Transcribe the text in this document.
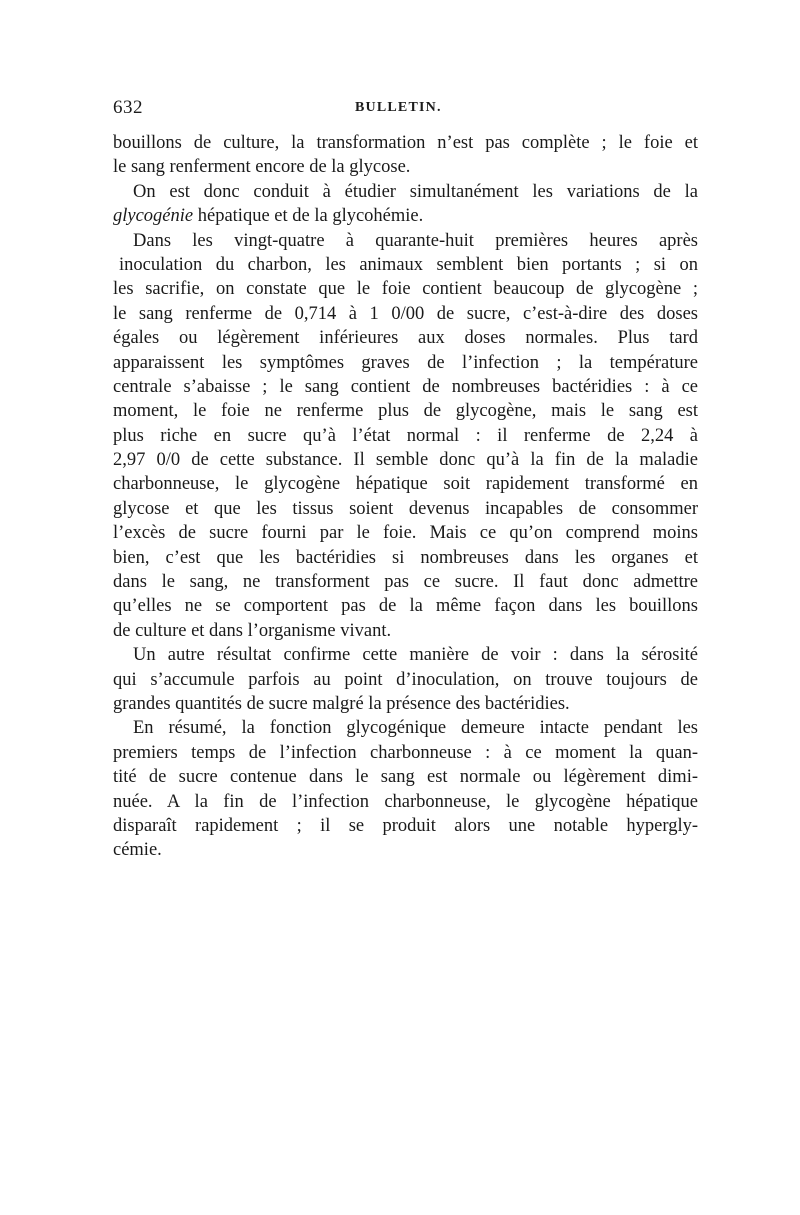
632	BULLETIN.
bouillons de culture, la transformation n’est pas complète ; le foie et
le sang renferment encore de la glycose.
On est donc conduit à étudier simultanément les variations de la
glycogénie hépatique et de la glycohémie.
Dans les vingt-quatre à quarante-huit premières heures après
inoculation du charbon, les animaux semblent bien portants ; si on
les sacrifie, on constate que le foie contient beaucoup de glycogène ;
le sang renferme de 0,714 à 1 0/00 de sucre, c’est-à-dire des doses
égales ou légèrement inférieures aux doses normales. Plus tard
apparaissent les symptômes graves de l’infection ; la température
centrale s’abaisse ; le sang contient de nombreuses bactéridies : à ce
moment, le foie ne renferme plus de glycogène, mais le sang est
plus riche en sucre qu’à l’état normal : il renferme de 2,24 à
2,97 0/0 de cette substance. Il semble donc qu’à la fin de la maladie
charbonneuse, le glycogène hépatique soit rapidement transformé en
glycose et que les tissus soient devenus incapables de consommer
l’excès de sucre fourni par le foie. Mais ce qu’on comprend moins
bien, c’est que les bactéridies si nombreuses dans les organes et
dans le sang, ne transforment pas ce sucre. Il faut donc admettre
qu’elles ne se comportent pas de la même façon dans les bouillons
de culture et dans l’organisme vivant.
Un autre résultat confirme cette manière de voir : dans la sérosité
qui s’accumule parfois au point d’inoculation, on trouve toujours de
grandes quantités de sucre malgré la présence des bactéridies.
En résumé, la fonction glycogénique demeure intacte pendant les
premiers temps de l’infection charbonneuse : à ce moment la quan-
tité de sucre contenue dans le sang est normale ou légèrement dimi-
nuée. A la fin de l’infection charbonneuse, le glycogène hépatique
disparaît rapidement ; il se produit alors une notable hypergly-
cémie.
